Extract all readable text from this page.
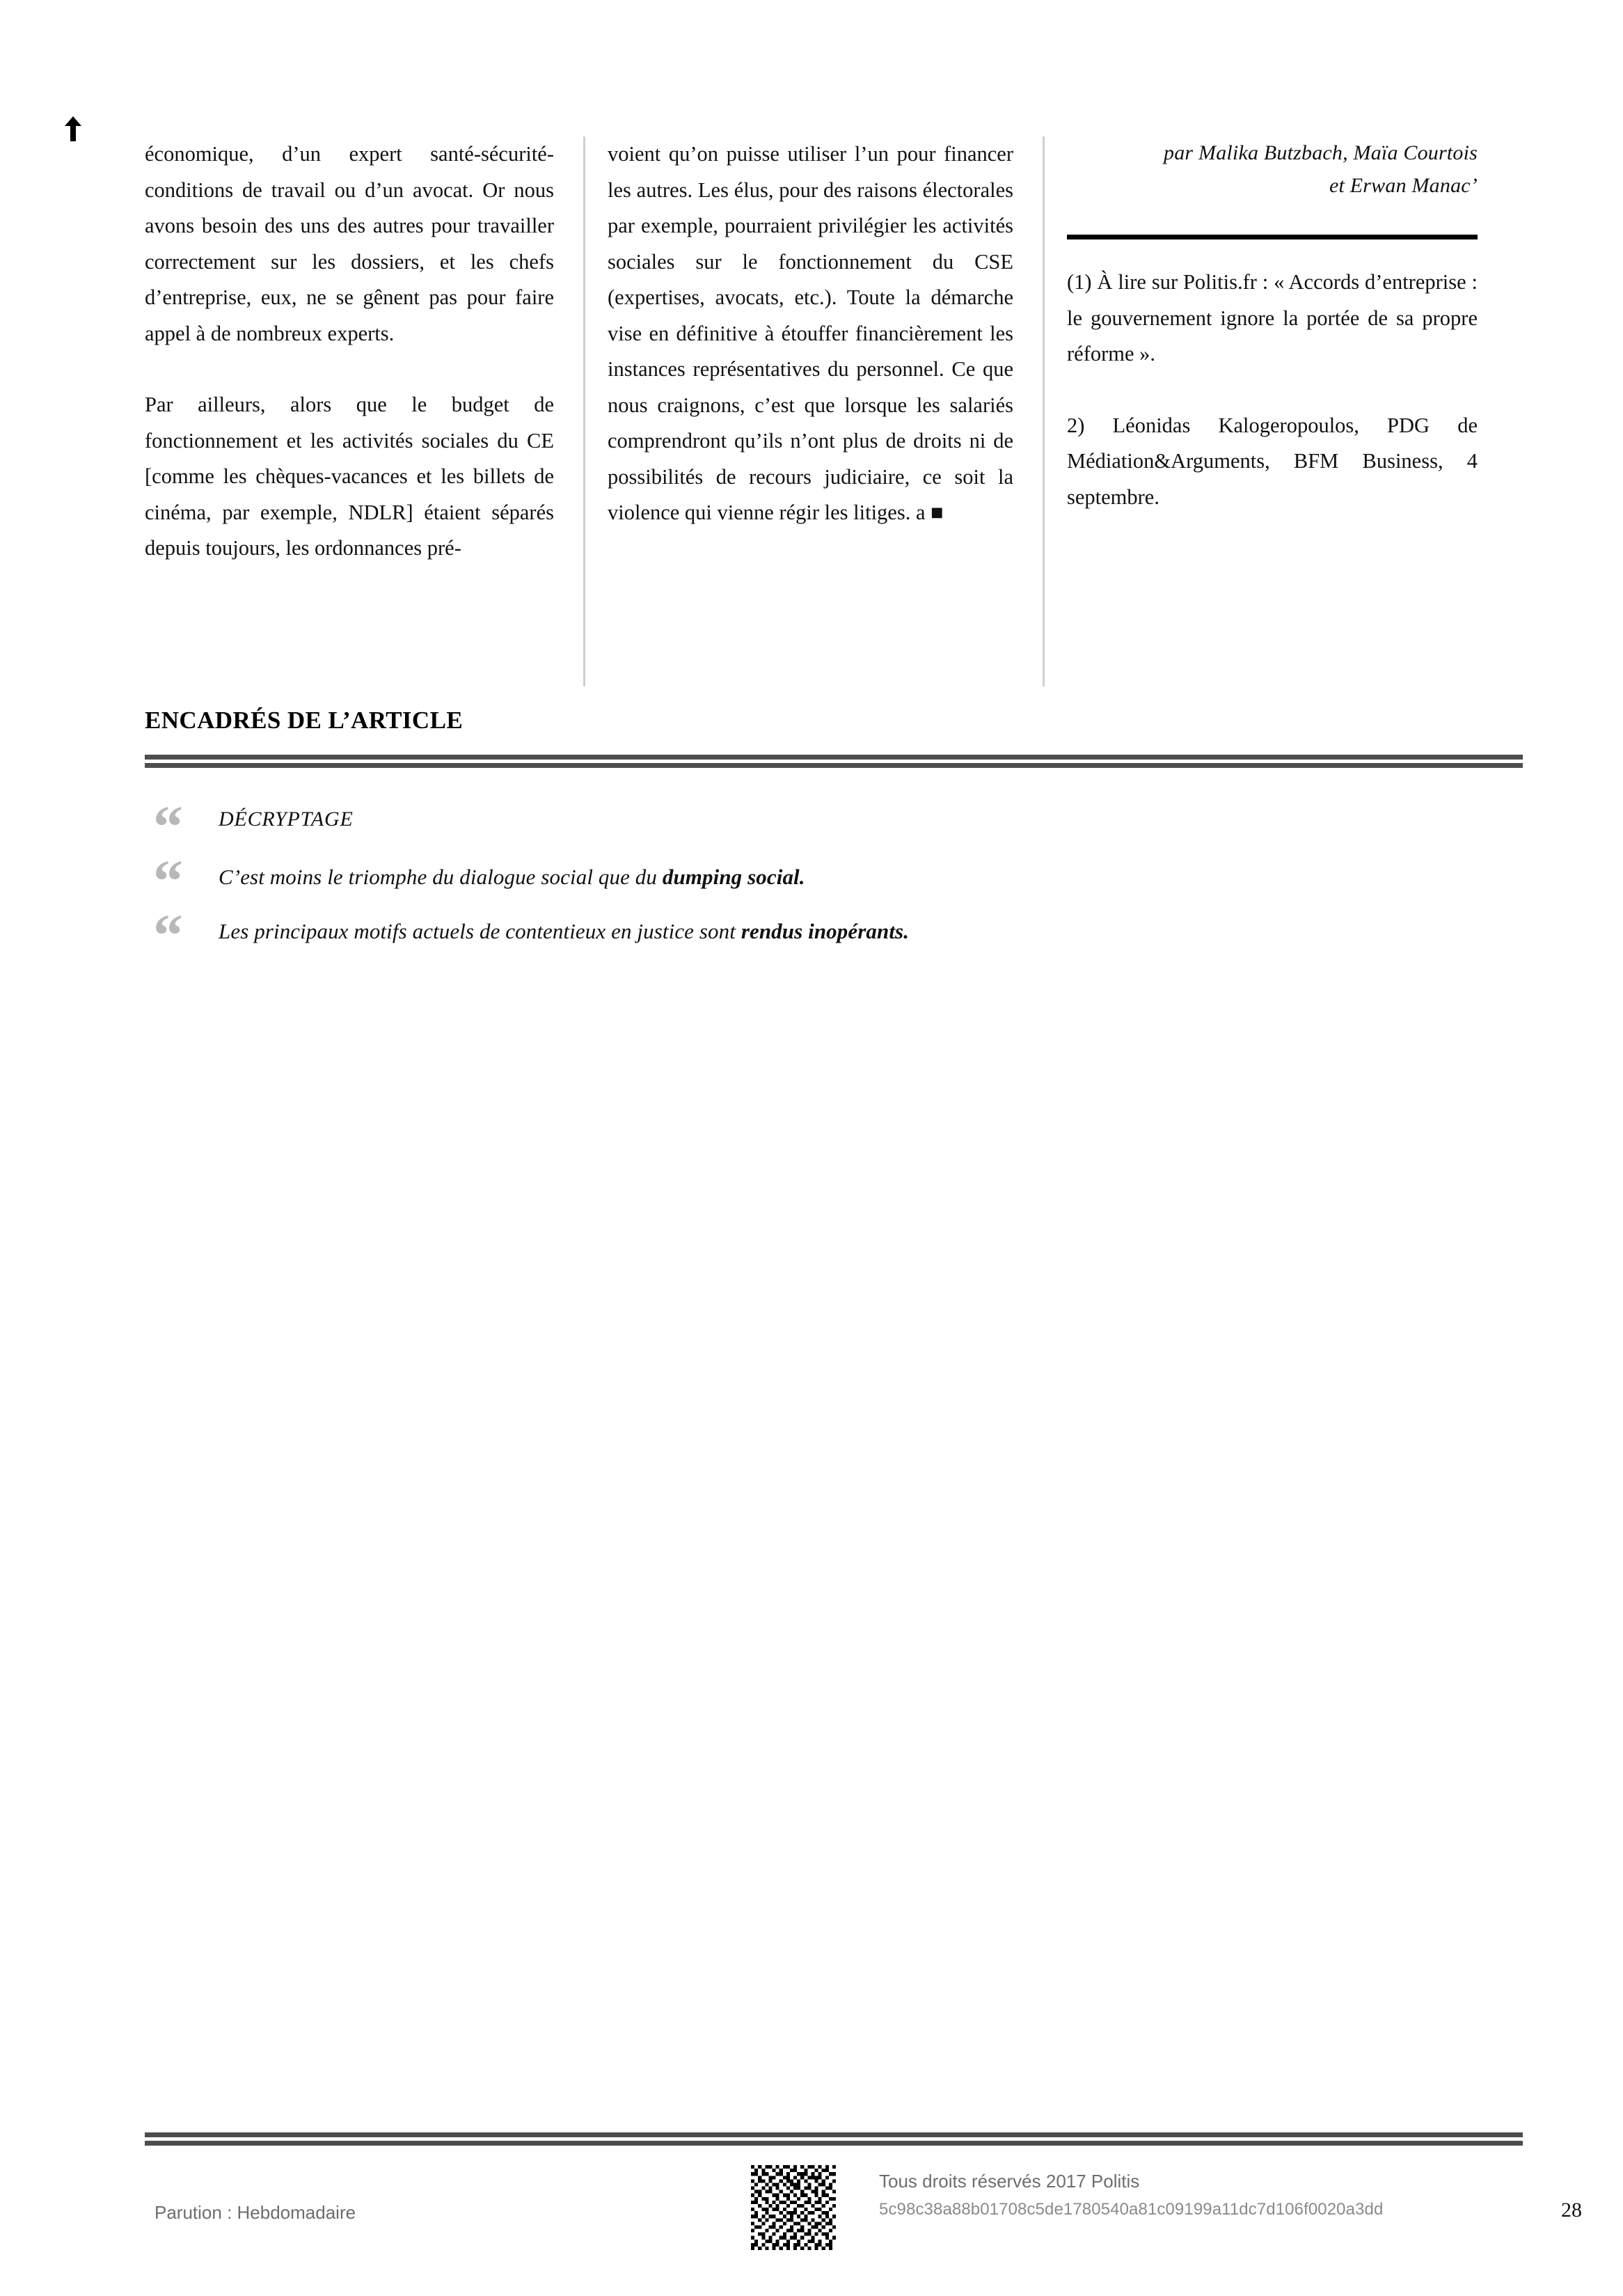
économique, d’un expert santé-sécurité-conditions de travail ou d’un avocat. Or nous avons besoin des uns des autres pour travailler correctement sur les dossiers, et les chefs d’entreprise, eux, ne se gênent pas pour faire appel à de nombreux experts.

Par ailleurs, alors que le budget de fonctionnement et les activités sociales du CE [comme les chèques-vacances et les billets de cinéma, par exemple, NDLR] étaient séparés depuis toujours, les ordonnances pré-

voient qu’on puisse utiliser l’un pour financer les autres. Les élus, pour des raisons électorales par exemple, pourraient privilégier les activités sociales sur le fonctionnement du CSE (expertises, avocats, etc.). Toute la démarche vise en définitive à étouffer financièrement les instances représentatives du personnel. Ce que nous craignons, c’est que lorsque les salariés comprendront qu’ils n’ont plus de droits ni de possibilités de recours judiciaire, ce soit la violence qui vienne régir les litiges. a ■

par Malika Butzbach, Maïa Courtois
et Erwan Manac’

(1) À lire sur Politis.fr : « Accords d’entreprise : le gouvernement ignore la portée de sa propre réforme ».

2) Léonidas Kalogeropoulos, PDG de Médiation&Arguments, BFM Business, 4 septembre.

ENCADRÉS DE L’ARTICLE
“ DÉCRYPTAGE
“ C’est moins le triomphe du dialogue social que du dumping social.
“ Les principaux motifs actuels de contentieux en justice sont rendus inopérants.
Parution : Hebdomadaire
Tous droits réservés 2017 Politis
5c98c38a88b01708c5de1780540a81c09199a11dc7d106f0020a3dd	28
